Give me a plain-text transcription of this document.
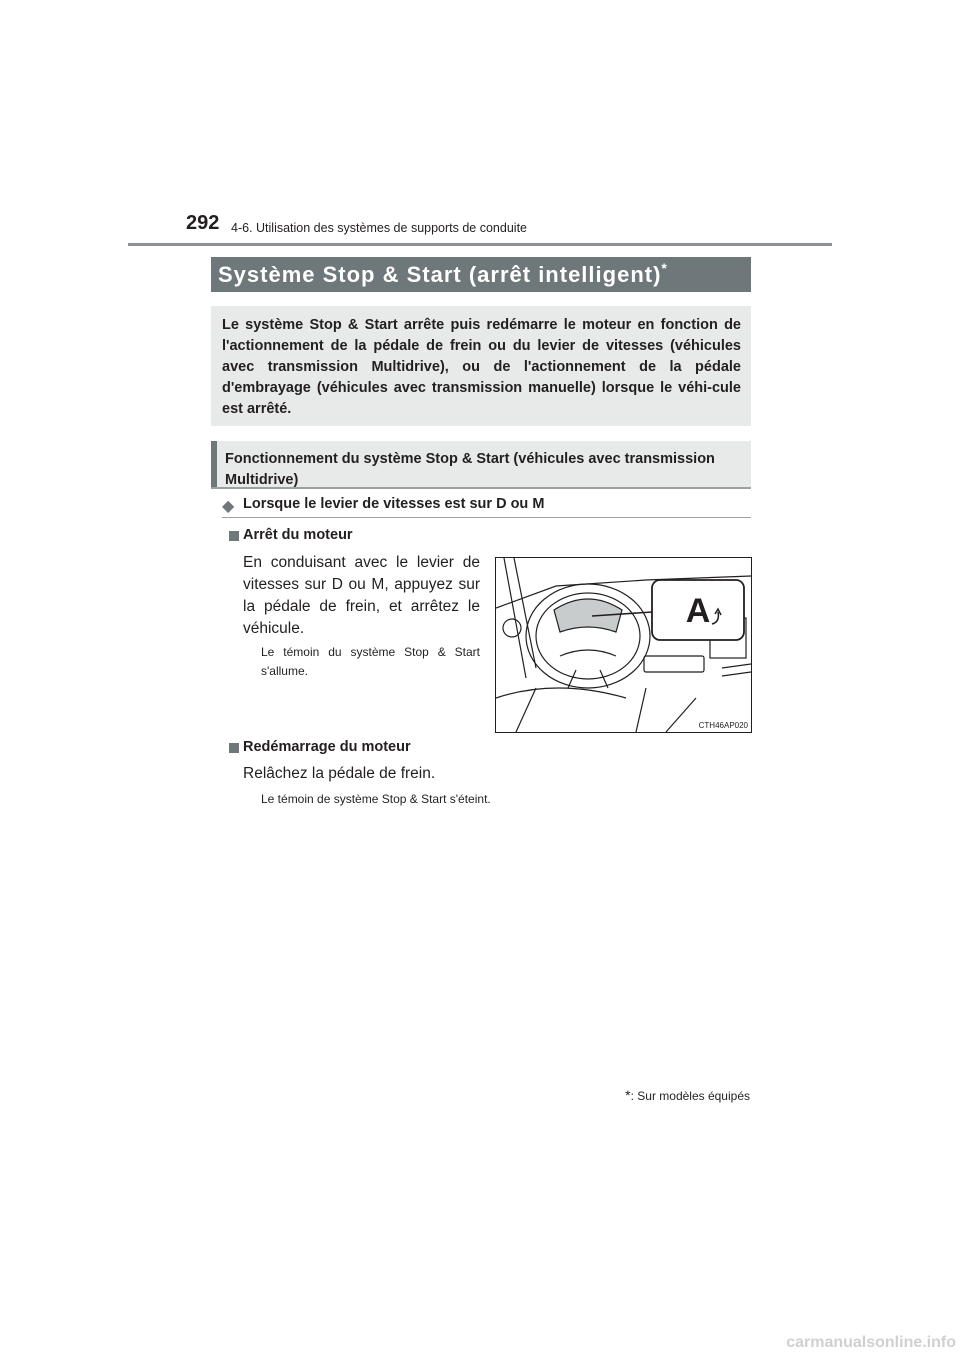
292 4-6. Utilisation des systèmes de supports de conduite
Système Stop & Start (arrêt intelligent)*
Le système Stop & Start arrête puis redémarre le moteur en fonction de l'actionnement de la pédale de frein ou du levier de vitesses (véhicules avec transmission Multidrive), ou de l'actionnement de la pédale d'embrayage (véhicules avec transmission manuelle) lorsque le véhi-cule est arrêté.
Fonctionnement du système Stop & Start (véhicules avec transmission Multidrive)
◆ Lorsque le levier de vitesses est sur D ou M
Arrêt du moteur
En conduisant avec le levier de vitesses sur D ou M, appuyez sur la pédale de frein, et arrêtez le véhicule.
Le témoin du système Stop & Start s'allume.
A
CTH46AP020
Redémarrage du moteur
Relâchez la pédale de frein.
Le témoin de système Stop & Start s'éteint.
*: Sur modèles équipés
carmanualsonline.info
